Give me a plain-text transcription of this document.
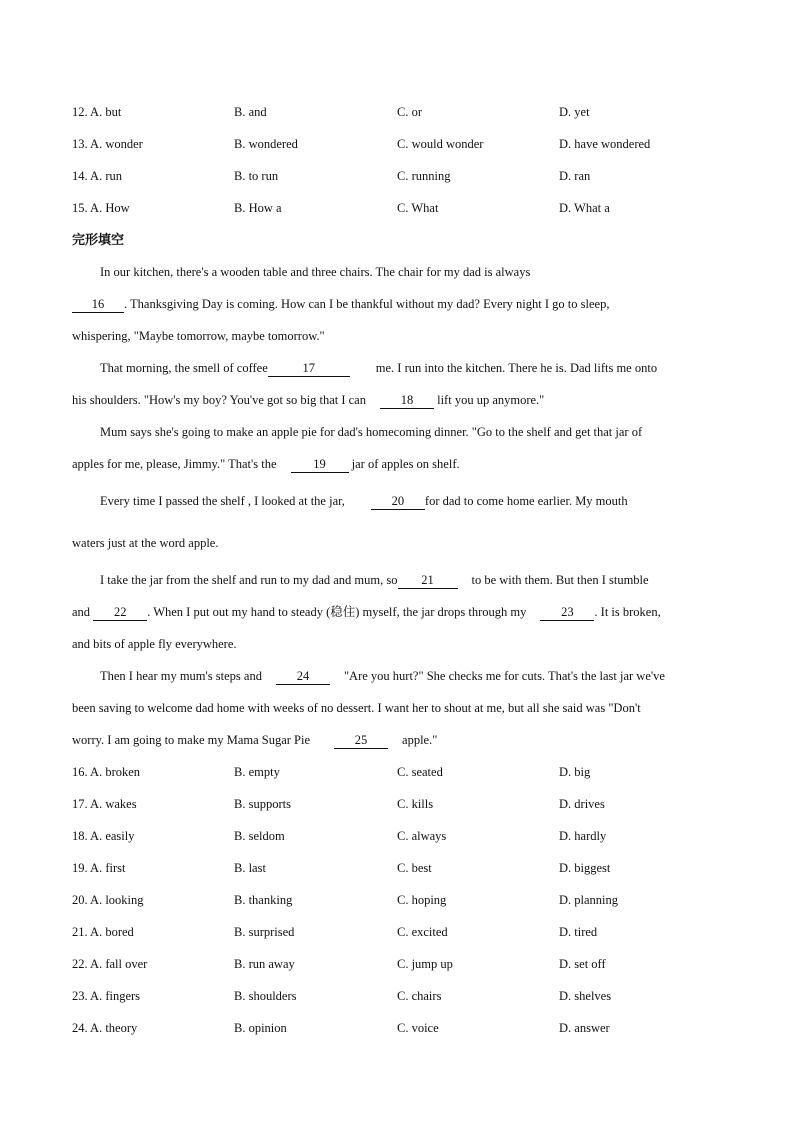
12. A. but	B. and	C. or	D. yet
13. A. wonder	B. wondered	C. would wonder	D. have wondered
14. A. run	B. to run	C. running	D. ran
15. A. How	B. How a	C. What	D. What a
完形填空

In our kitchen, there's a wooden table and three chairs. The chair for my dad is always
16 . Thanksgiving Day is coming. How can I be thankful without my dad? Every night I go to sleep,
whispering, "Maybe tomorrow, maybe tomorrow."

That morning, the smell of coffee	17	me. I run into the kitchen. There he is. Dad lifts me onto
his shoulders. "How's my boy? You've got so big that I can	18 lift you up anymore."

Mum says she's going to make an apple pie for dad's homecoming dinner. "Go to the shelf and get that jar of
apples for me, please, Jimmy." That's the	19 jar of apples on shelf.

Every time I passed the shelf , I looked at the jar,	20 for dad to come home earlier. My mouth
waters just at the word apple.

I take the jar from the shelf and run to my dad and mum, so 21	to be with them. But then I stumble
and 22 . When I put out my hand to steady (稳住) myself, the jar drops through my	23 . It is broken,
and bits of apple fly everywhere.

Then I hear my mum's steps and	24	"Are you hurt?" She checks me for cuts. That's the last jar we've
been saving to welcome dad home with weeks of no dessert. I want her to shout at me, but all she said was "Don't
worry. I am going to make my Mama Sugar Pie	25	apple."

16. A. broken	B. empty	C. seated	D. big
17. A. wakes	B. supports	C. kills	D. drives
18. A. easily	B. seldom	C. always	D. hardly
19. A. first	B. last	C. best	D. biggest
20. A. looking	B. thanking	C. hoping	D. planning
21. A. bored	B. surprised	C. excited	D. tired
22. A. fall over	B. run away	C. jump up	D. set off
23. A. fingers	B. shoulders	C. chairs	D. shelves
24. A. theory	B. opinion	C. voice	D. answer
